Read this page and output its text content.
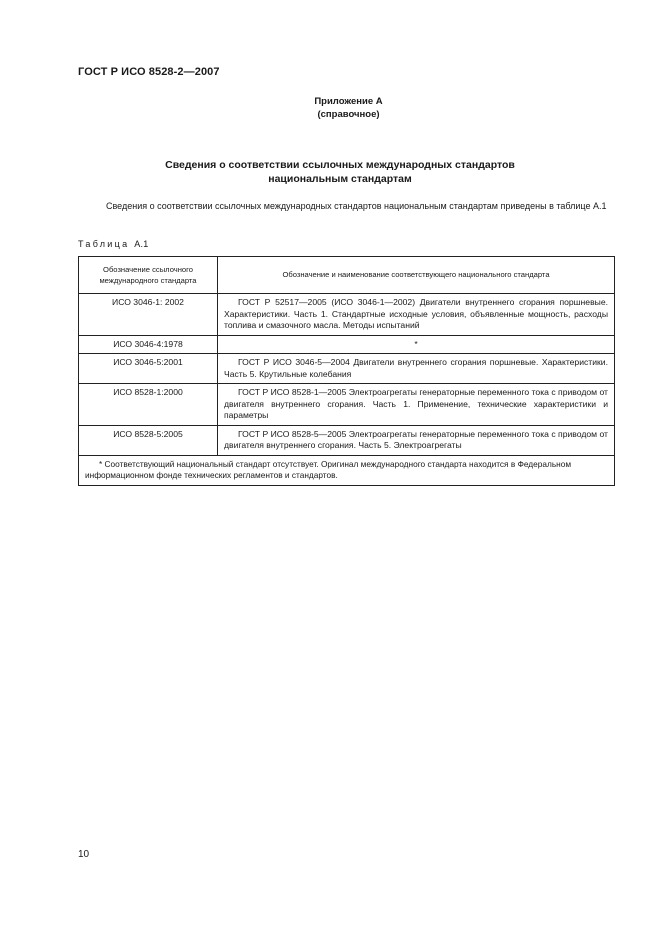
ГОСТ Р ИСО 8528-2—2007
Приложение А
(справочное)
Сведения о соответствии ссылочных международных стандартов
национальным стандартам
Сведения о соответствии ссылочных международных стандартов национальным стандартам приведены в таблице А.1
Таблица А.1
Обозначение ссылочного международного стандарта	Обозначение и наименование соответствующего национального стандарта
ИСО 3046-1: 2002	ГОСТ Р 52517—2005 (ИСО 3046-1—2002) Двигатели внутреннего сгорания поршневые. Характеристики. Часть 1. Стандартные исходные условия, объявленные мощность, расходы топлива и смазочного масла. Методы испытаний
ИСО 3046-4:1978	*
ИСО 3046-5:2001	ГОСТ Р ИСО 3046-5—2004 Двигатели внутреннего сгорания поршневые. Характеристики. Часть 5. Крутильные колебания
ИСО 8528-1:2000	ГОСТ Р ИСО 8528-1—2005 Электроагрегаты генераторные переменного тока с приводом от двигателя внутреннего сгорания. Часть 1. Применение, технические характеристики и параметры
ИСО 8528-5:2005	ГОСТ Р ИСО 8528-5—2005 Электроагрегаты генераторные переменного тока с приводом от двигателя внутреннего сгорания. Часть 5. Электроагрегаты
* Соответствующий национальный стандарт отсутствует. Оригинал международного стандарта находится в Федеральном информационном фонде технических регламентов и стандартов.	
10
